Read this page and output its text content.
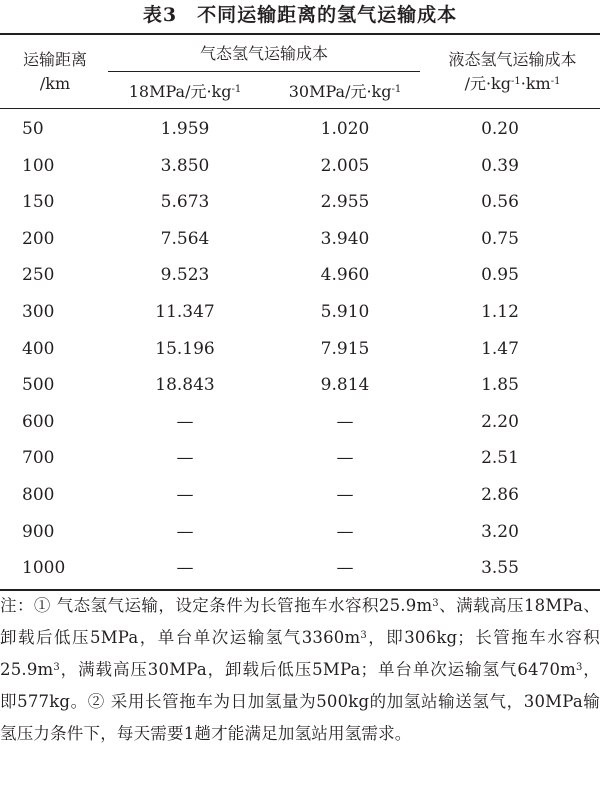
表3　不同运输距离的氢气运输成本
运输距离
/km
气态氢气运输成本
18MPa/元$\cdot kg^{-1}$	30MPa/元$\cdot kg^{-1}$
液态氢气运输成本
/元$\cdot kg^{-1}\cdot km^{-1}$
50	1.959	1.020	0.20
100	3.850	2.005	0.39
150	5.673	2.955	0.56
200	7.564	3.940	0.75
250	9.523	4.960	0.95
300	11.347	5.910	1.12
400	15.196	7.915	1.47
500	18.843	9.814	1.85
600	—	—	2.20
700	—	—	2.51
800	—	—	2.86
900	—	—	3.20
1000	—	—	3.55
注：① 气态氢气运输，设定条件为长管拖车水容积$25.9m^3$、满载高压18MPa、卸载后低压5MPa，单台单次运输氢气$3360m^3$，即306kg；长管拖车水容积$25.9m^3$，满载高压30MPa，卸载后低压5MPa；单台单次运输氢气$6470m^3$，即577kg。② 采用长管拖车为日加氢量为500kg的加氢站输送氢气，30MPa输氢压力条件下，每天需要1趟才能满足加氢站用氢需求。
